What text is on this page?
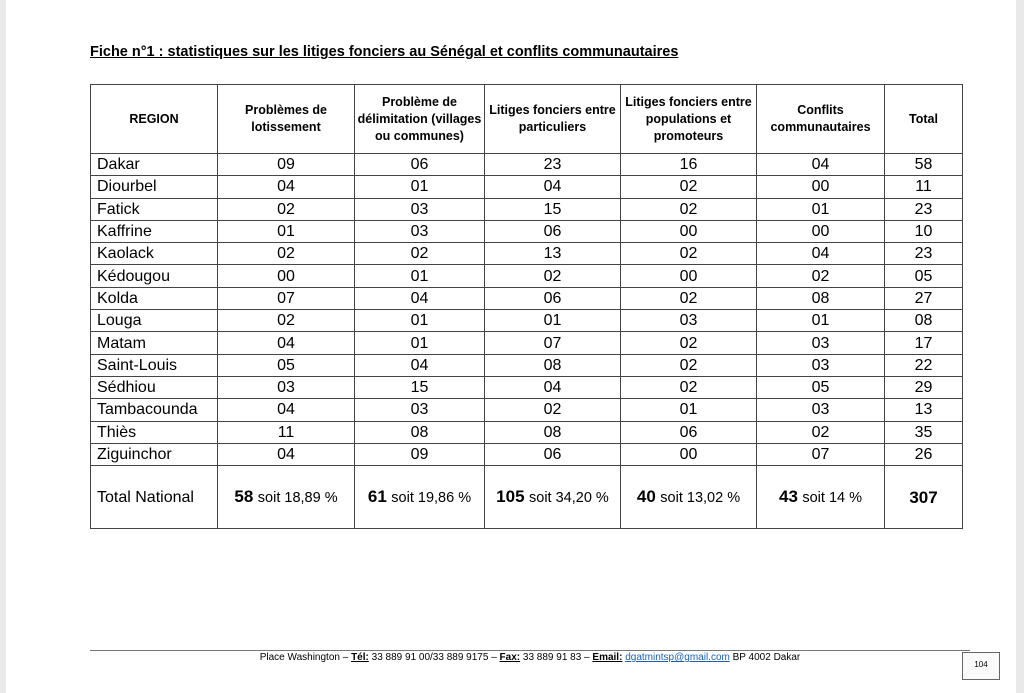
Fiche n°1 : statistiques sur les litiges fonciers au Sénégal et conflits communautaires
REGION	Problèmes de lotissement	Problème de délimitation (villages ou communes)	Litiges fonciers entre particuliers	Litiges fonciers entre populations et promoteurs	Conflits communautaires	Total
Dakar	09	06	23	16	04	58
Diourbel	04	01	04	02	00	11
Fatick	02	03	15	02	01	23
Kaffrine	01	03	06	00	00	10
Kaolack	02	02	13	02	04	23
Kédougou	00	01	02	00	02	05
Kolda	07	04	06	02	08	27
Louga	02	01	01	03	01	08
Matam	04	01	07	02	03	17
Saint-Louis	05	04	08	02	03	22
Sédhiou	03	15	04	02	05	29
Tambacounda	04	03	02	01	03	13
Thiès	11	08	08	06	02	35
Ziguinchor	04	09	06	00	07	26
Total National	58 soit 18,89 %	61 soit 19,86 %	105 soit 34,20 %	40 soit 13,02 %	43 soit 14 %	307
Place Washington – Tél: 33 889 91 00/33 889 9175 – Fax: 33 889 91 83 – Email: dgatmintsp@gmail.com BP 4002 Dakar
104
